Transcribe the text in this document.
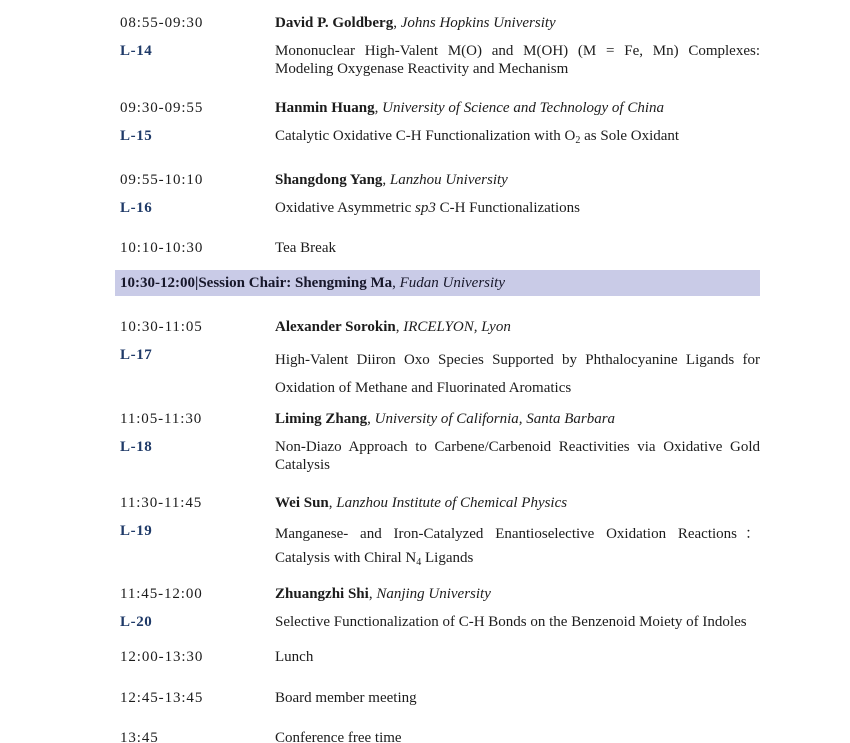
08:55-09:30	David P. Goldberg, Johns Hopkins University
L-14	Mononuclear High-Valent M(O) and M(OH) (M = Fe, Mn) Complexes: Modeling Oxygenase Reactivity and Mechanism
09:30-09:55	Hanmin Huang, University of Science and Technology of China
L-15	Catalytic Oxidative C-H Functionalization with $O_2$ as Sole Oxidant
09:55-10:10	Shangdong Yang, Lanzhou University
L-16	Oxidative Asymmetric sp3 C-H Functionalizations
10:10-10:30	Tea Break
10:30-12:00|Session Chair: Shengming Ma, Fudan University
10:30-11:05	Alexander Sorokin, IRCELYON, Lyon
L-17	High-Valent Diiron Oxo Species Supported by Phthalocyanine Ligands for Oxidation of Methane and Fluorinated Aromatics
11:05-11:30	Liming Zhang, University of California, Santa Barbara
L-18	Non-Diazo Approach to Carbene/Carbenoid Reactivities via Oxidative Gold Catalysis
11:30-11:45	Wei Sun, Lanzhou Institute of Chemical Physics
L-19	Manganese- and Iron-Catalyzed Enantioselective Oxidation Reactions： Catalysis with Chiral $N_4$ Ligands
11:45-12:00	Zhuangzhi Shi, Nanjing University
L-20	Selective Functionalization of C-H Bonds on the Benzenoid Moiety of Indoles
12:00-13:30	Lunch
12:45-13:45	Board member meeting
13:45	Conference free time
